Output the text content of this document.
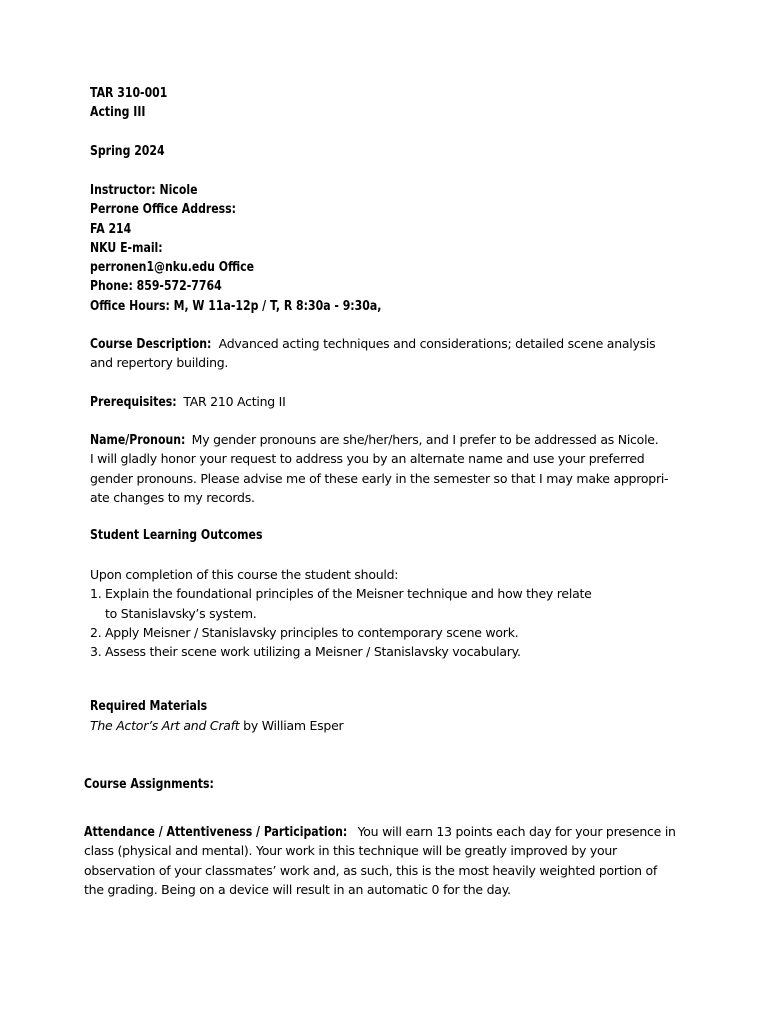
TAR 310-001
Acting III
Spring 2024
Instructor: Nicole
Perrone Office Address:
FA 214
NKU E-mail:
perronen1@nku.edu Office
Phone: 859-572-7764
Office Hours: M, W 11a-12p / T, R 8:30a - 9:30a,
Course Description: Advanced acting techniques and considerations; detailed scene analysis
and repertory building.
Prerequisites: TAR 210 Acting II
Name/Pronoun: My gender pronouns are she/her/hers, and I prefer to be addressed as Nicole.
I will gladly honor your request to address you by an alternate name and use your preferred
gender pronouns. Please advise me of these early in the semester so that I may make appropri-
ate changes to my records.
Student Learning Outcomes
Upon completion of this course the student should:
1. Explain the foundational principles of the Meisner technique and how they relate
to Stanislavsky’s system.
2. Apply Meisner / Stanislavsky principles to contemporary scene work.
3. Assess their scene work utilizing a Meisner / Stanislavsky vocabulary.
Required Materials
The Actor’s Art and Craft by William Esper
Course Assignments:
Attendance / Attentiveness / Participation: You will earn 13 points each day for your presence in
class (physical and mental). Your work in this technique will be greatly improved by your
observation of your classmates’ work and, as such, this is the most heavily weighted portion of
the grading. Being on a device will result in an automatic 0 for the day.
